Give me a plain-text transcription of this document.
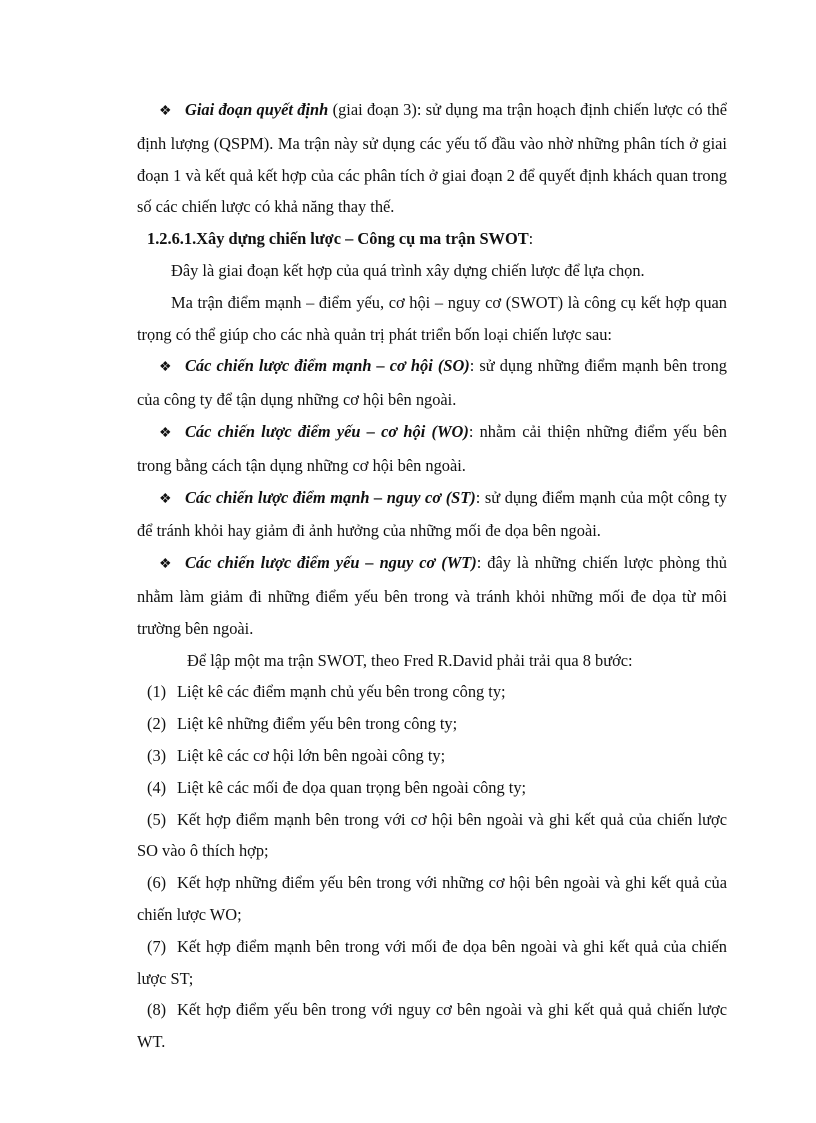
❖ Giai đoạn quyết định (giai đoạn 3): sử dụng ma trận hoạch định chiến lược có thể định lượng (QSPM). Ma trận này sử dụng các yếu tố đầu vào nhờ những phân tích ở giai đoạn 1 và kết quả kết hợp của các phân tích ở giai đoạn 2 để quyết định khách quan trong số các chiến lược có khả năng thay thế.

1.2.6.1.Xây dựng chiến lược – Công cụ ma trận SWOT:

Đây là giai đoạn kết hợp của quá trình xây dựng chiến lược để lựa chọn.

Ma trận điểm mạnh – điểm yếu, cơ hội – nguy cơ (SWOT) là công cụ kết hợp quan trọng có thể giúp cho các nhà quản trị phát triển bốn loại chiến lược sau:

❖ Các chiến lược điểm mạnh – cơ hội (SO): sử dụng những điểm mạnh bên trong của công ty để tận dụng những cơ hội bên ngoài.

❖ Các chiến lược điểm yếu – cơ hội (WO): nhằm cải thiện những điểm yếu bên trong bằng cách tận dụng những cơ hội bên ngoài.

❖ Các chiến lược điểm mạnh – nguy cơ (ST): sử dụng điểm mạnh của một công ty để tránh khỏi hay giảm đi ảnh hưởng của những mối đe dọa bên ngoài.

❖ Các chiến lược điểm yếu – nguy cơ (WT): đây là những chiến lược phòng thủ nhằm làm giảm đi những điểm yếu bên trong và tránh khỏi những mối đe dọa từ môi trường bên ngoài.

Để lập một ma trận SWOT, theo Fred R.David phải trải qua 8 bước:

(1) Liệt kê các điểm mạnh chủ yếu bên trong công ty;

(2) Liệt kê những điểm yếu bên trong công ty;

(3) Liệt kê các cơ hội lớn bên ngoài công ty;

(4) Liệt kê các mối đe dọa quan trọng bên ngoài công ty;

(5) Kết hợp điểm mạnh bên trong với cơ hội bên ngoài và ghi kết quả của chiến lược SO vào ô thích hợp;

(6) Kết hợp những điểm yếu bên trong với những cơ hội bên ngoài và ghi kết quả của chiến lược WO;

(7) Kết hợp điểm mạnh bên trong với mối đe dọa bên ngoài và ghi kết quả của chiến lược ST;

(8) Kết hợp điểm yếu bên trong với nguy cơ bên ngoài và ghi kết quả quả chiến lược WT.
